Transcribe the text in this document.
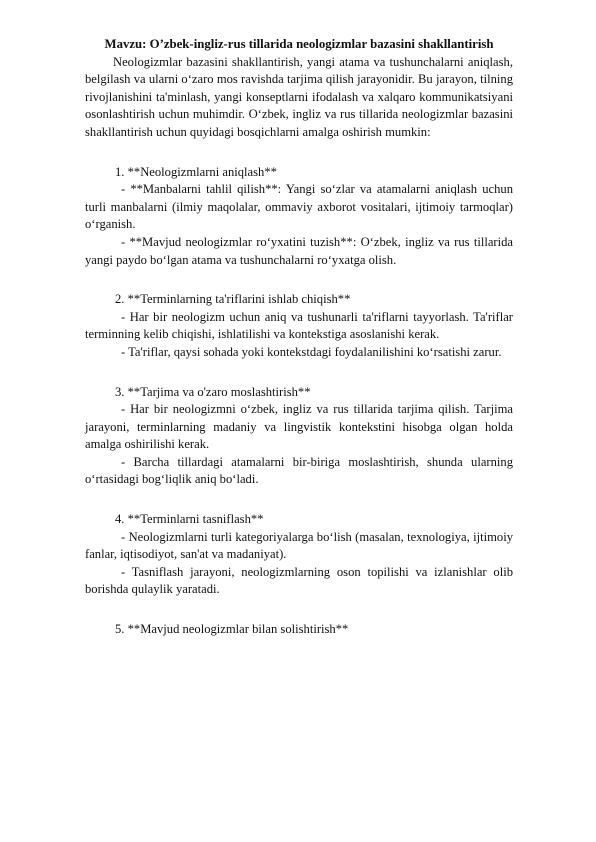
Mavzu: O’zbek-ingliz-rus tillarida neologizmlar bazasini shakllantirish

Neologizmlar bazasini shakllantirish, yangi atama va tushunchalarni aniqlash, belgilash va ularni o‘zaro mos ravishda tarjima qilish jarayonidir. Bu jarayon, tilning rivojlanishini ta'minlash, yangi konseptlarni ifodalash va xalqaro kommunikatsiyani osonlashtirish uchun muhimdir. O‘zbek, ingliz va rus tillarida neologizmlar bazasini shakllantirish uchun quyidagi bosqichlarni amalga oshirish mumkin:

1. **Neologizmlarni aniqlash**

- **Manbalarni tahlil qilish**: Yangi so‘zlar va atamalarni aniqlash uchun turli manbalarni (ilmiy maqolalar, ommaviy axborot vositalari, ijtimoiy tarmoqlar) o‘rganish.

- **Mavjud neologizmlar ro‘yxatini tuzish**: O‘zbek, ingliz va rus tillarida yangi paydo bo‘lgan atama va tushunchalarni ro‘yxatga olish.

2. **Terminlarning ta'riflarini ishlab chiqish**

- Har bir neologizm uchun aniq va tushunarli ta'riflarni tayyorlash. Ta'riflar terminning kelib chiqishi, ishlatilishi va kontekstiga asoslanishi kerak.

- Ta'riflar, qaysi sohada yoki kontekstdagi foydalanilishini ko‘rsatishi zarur.

3. **Tarjima va o'zaro moslashtirish**

- Har bir neologizmni o‘zbek, ingliz va rus tillarida tarjima qilish. Tarjima jarayoni, terminlarning madaniy va lingvistik kontekstini hisobga olgan holda amalga oshirilishi kerak.

- Barcha tillardagi atamalarni bir-biriga moslashtirish, shunda ularning o‘rtasidagi bog‘liqlik aniq bo‘ladi.

4. **Terminlarni tasniflash**

- Neologizmlarni turli kategoriyalarga bo‘lish (masalan, texnologiya, ijtimoiy fanlar, iqtisodiyot, san'at va madaniyat).

- Tasniflash jarayoni, neologizmlarning oson topilishi va izlanishlar olib borishda qulaylik yaratadi.

5. **Mavjud neologizmlar bilan solishtirish**
